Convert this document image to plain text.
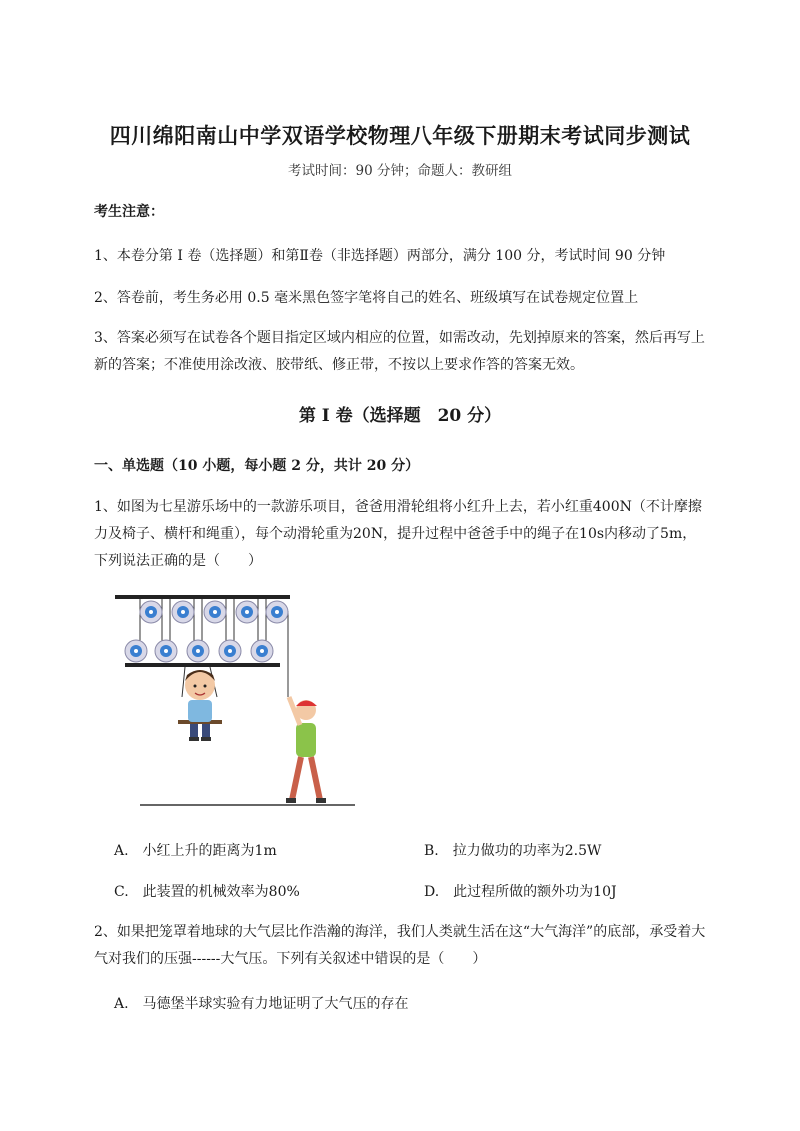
四川绵阳南山中学双语学校物理八年级下册期末考试同步测试
考试时间：90 分钟；命题人：教研组
考生注意：
1、本卷分第 I 卷（选择题）和第Ⅱ卷（非选择题）两部分，满分 100 分，考试时间 90 分钟
2、答卷前，考生务必用 0.5 毫米黑色签字笔将自己的姓名、班级填写在试卷规定位置上
3、答案必须写在试卷各个题目指定区域内相应的位置，如需改动，先划掉原来的答案，然后再写上新的答案；不准使用涂改液、胶带纸、修正带，不按以上要求作答的答案无效。
第 I 卷（选择题　20 分）
一、单选题（10 小题，每小题 2 分，共计 20 分）
1、如图为七星游乐场中的一款游乐项目，爸爸用滑轮组将小红升上去，若小红重400N（不计摩擦力及椅子、横杆和绳重），每个动滑轮重为20N，提升过程中爸爸手中的绳子在10s内移动了5m，下列说法正确的是（　　）
A.　小红上升的距离为1m	B.　拉力做功的功率为2.5W
C.　此装置的机械效率为80%	D.　此过程所做的额外功为10J
2、如果把笼罩着地球的大气层比作浩瀚的海洋，我们人类就生活在这“大气海洋”的底部，承受着大气对我们的压强------大气压。下列有关叙述中错误的是（　　）
A.　马德堡半球实验有力地证明了大气压的存在
